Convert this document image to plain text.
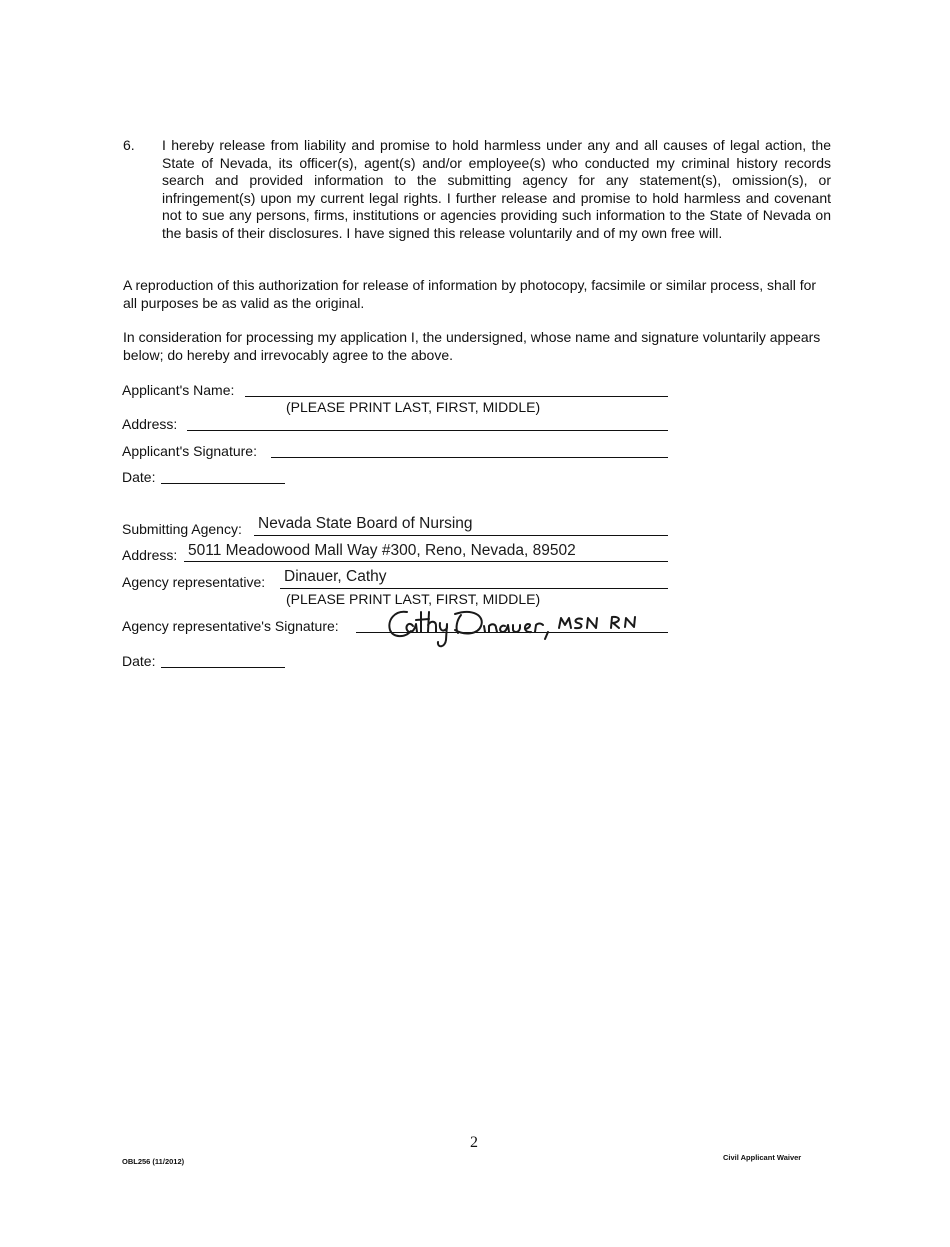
6. I hereby release from liability and promise to hold harmless under any and all causes of legal action, the State of Nevada, its officer(s), agent(s) and/or employee(s) who conducted my criminal history records search and provided information to the submitting agency for any statement(s), omission(s), or infringement(s) upon my current legal rights. I further release and promise to hold harmless and covenant not to sue any persons, firms, institutions or agencies providing such information to the State of Nevada on the basis of their disclosures. I have signed this release voluntarily and of my own free will.
A reproduction of this authorization for release of information by photocopy, facsimile or similar process, shall for all purposes be as valid as the original.
In consideration for processing my application I, the undersigned, whose name and signature voluntarily appears below; do hereby and irrevocably agree to the above.
Applicant's Name:
(PLEASE PRINT LAST, FIRST, MIDDLE)
Address:
Applicant's Signature:
Date:
Submitting Agency: Nevada State Board of Nursing
Address: 5011 Meadowood Mall Way #300, Reno, Nevada, 89502
Agency representative: Dinauer, Cathy
(PLEASE PRINT LAST, FIRST, MIDDLE)
Agency representative's Signature:
Date:
2
OBL256 (11/2012)	Civil Applicant Waiver
